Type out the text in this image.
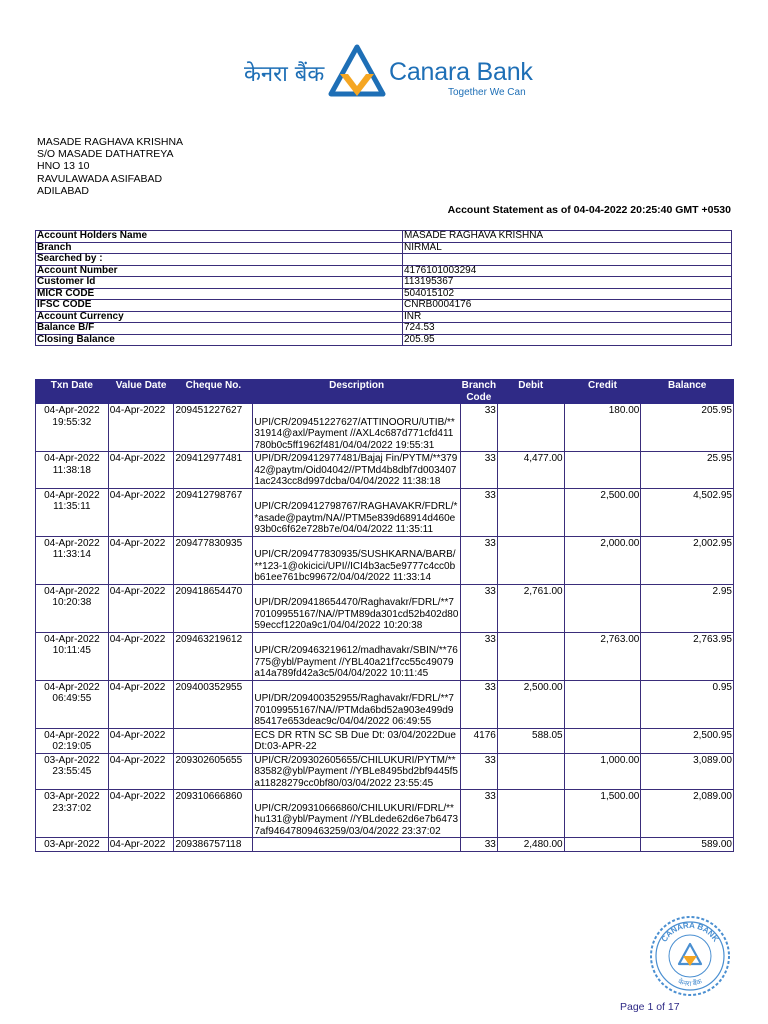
केनरा बैंक	Canara Bank
Together We Can
MASADE RAGHAVA KRISHNA
S/O MASADE DATHATREYA
HNO 13 10
RAVULAWADA ASIFABAD
ADILABAD
Account Statement as of 04-04-2022 20:25:40 GMT +0530
Account Holders Name	MASADE RAGHAVA KRISHNA
Branch	NIRMAL
Searched by :	
Account Number	4176101003294
Customer Id	113195367
MICR CODE	504015102
IFSC CODE	CNRB0004176
Account Currency	INR
Balance B/F	724.53
Closing Balance	205.95
Txn Date	Value Date	Cheque No.	Description	Branch Code	Debit	Credit	Balance

04-Apr-2022
19:55:32	04-Apr-2022	209451227627	UPI/CR/209451227627/ATTINOORU/UTIB/**31914@axl/Payment //AXL4c687d771cfd411780b0c5ff1962f481/04/04/2022 19:55:31	33		180.00	205.95

04-Apr-2022
11:38:18	04-Apr-2022	209412977481	UPI/DR/209412977481/Bajaj Fin/PYTM/**37942@paytm/Oid04042//PTMd4b8dbf7d0034071ac243cc8d997dcba/04/04/2022 11:38:18	33	4,477.00		25.95

04-Apr-2022
11:35:11	04-Apr-2022	209412798767	UPI/CR/209412798767/RAGHAVAKR/FDRL/**asade@paytm/NA//PTM5e839d68914d460e93b0c6f62e728b7e/04/04/2022 11:35:11	33		2,500.00	4,502.95

04-Apr-2022
11:33:14	04-Apr-2022	209477830935	UPI/CR/209477830935/SUSHKARNA/BARB/**123-1@okicici/UPI//ICI4b3ac5e9777c4cc0bb61ee761bc99672/04/04/2022 11:33:14	33		2,000.00	2,002.95

04-Apr-2022
10:20:38	04-Apr-2022	209418654470	UPI/DR/209418654470/Raghavakr/FDRL/**770109955167/NA//PTM89da301cd52b402d8059eccf1220a9c1/04/04/2022 10:20:38	33	2,761.00		2.95

04-Apr-2022
10:11:45	04-Apr-2022	209463219612	UPI/CR/209463219612/madhavakr/SBIN/**76775@ybl/Payment //YBL40a21f7cc55c49079a14a789fd42a3c5/04/04/2022 10:11:45	33		2,763.00	2,763.95

04-Apr-2022
06:49:55	04-Apr-2022	209400352955	UPI/DR/209400352955/Raghavakr/FDRL/**770109955167/NA//PTMda6bd52a903e499d985417e653deac9c/04/04/2022 06:49:55	33	2,500.00		0.95

04-Apr-2022
02:19:05	04-Apr-2022		ECS DR RTN SC SB Due Dt: 03/04/2022Due Dt:03-APR-22	4176	588.05		2,500.95

03-Apr-2022
23:55:45	04-Apr-2022	209302605655	UPI/CR/209302605655/CHILUKURI/PYTM/**83582@ybl/Payment //YBLe8495bd2bf9445f5a11828279cc0bf80/03/04/2022 23:55:45	33		1,000.00	3,089.00

03-Apr-2022
23:37:02	04-Apr-2022	209310666860	UPI/CR/209310666860/CHILUKURI/FDRL/**hu131@ybl/Payment //YBLdede62d6e7b64737af94647809463259/03/04/2022 23:37:02	33		1,500.00	2,089.00

03-Apr-2022	04-Apr-2022	209386757118		33	2,480.00		589.00
CANARA BANK
केनरा बैंक
Page 1 of 17
